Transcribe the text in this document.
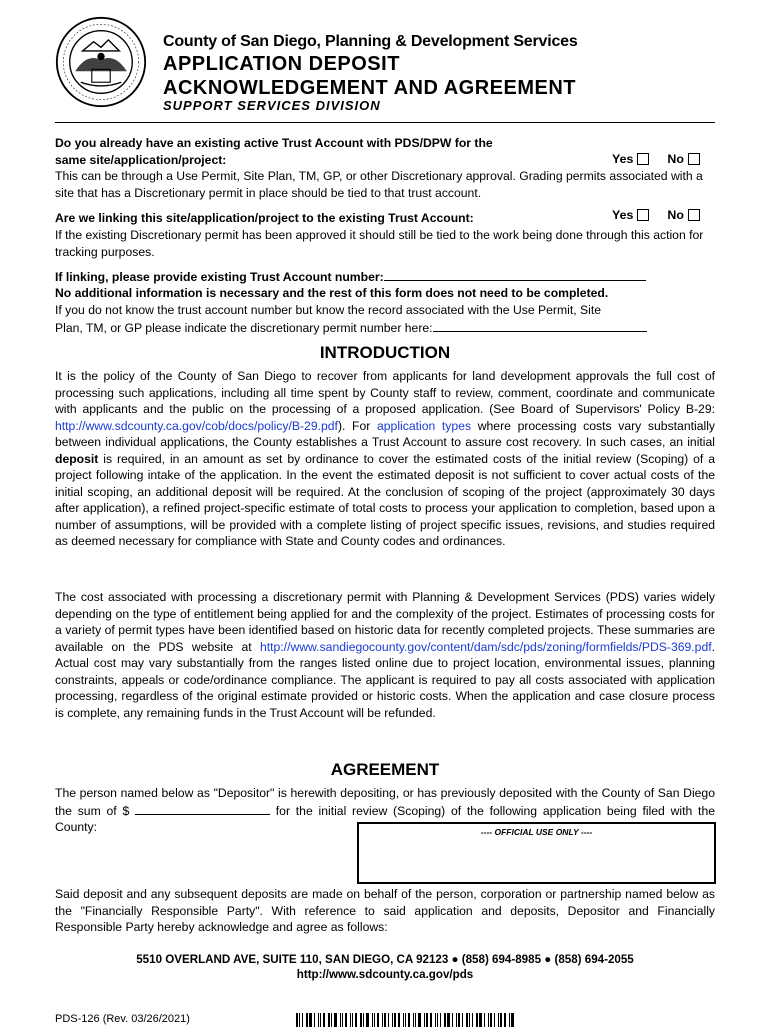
County of San Diego, Planning & Development Services
APPLICATION DEPOSIT
ACKNOWLEDGEMENT AND AGREEMENT
SUPPORT SERVICES DIVISION
Do you already have an existing active Trust Account with PDS/DPW for the
same site/application/project:	Yes	No
This can be through a Use Permit, Site Plan, TM, GP, or other Discretionary approval. Grading permits associated with a site that has a Discretionary permit in place should be tied to that trust account.
Are we linking this site/application/project to the existing Trust Account:	Yes	No
If the existing Discretionary permit has been approved it should still be tied to the work being done through this action for tracking purposes.
If linking, please provide existing Trust Account number:
No additional information is necessary and the rest of this form does not need to be completed.
If you do not know the trust account number but know the record associated with the Use Permit, Site
Plan, TM, or GP please indicate the discretionary permit number here:
INTRODUCTION
It is the policy of the County of San Diego to recover from applicants for land development approvals the full cost of processing such applications, including all time spent by County staff to review, comment, coordinate and communicate with applicants and the public on the processing of a proposed application. (See Board of Supervisors' Policy B-29: http://www.sdcounty.ca.gov/cob/docs/policy/B-29.pdf). For application types where processing costs vary substantially between individual applications, the County establishes a Trust Account to assure cost recovery. In such cases, an initial deposit is required, in an amount as set by ordinance to cover the estimated costs of the initial review (Scoping) of a project following intake of the application. In the event the estimated deposit is not sufficient to cover actual costs of the initial scoping, an additional deposit will be required. At the conclusion of scoping of the project (approximately 30 days after application), a refined project-specific estimate of total costs to process your application to completion, based upon a number of assumptions, will be provided with a complete listing of project specific issues, revisions, and studies required as deemed necessary for compliance with State and County codes and ordinances.
The cost associated with processing a discretionary permit with Planning & Development Services (PDS) varies widely depending on the type of entitlement being applied for and the complexity of the project. Estimates of processing costs for a variety of permit types have been identified based on historic data for recently completed projects. These summaries are available on the PDS website at http://www.sandiegocounty.gov/content/dam/sdc/pds/zoning/formfields/PDS-369.pdf. Actual cost may vary substantially from the ranges listed online due to project location, environmental issues, planning constraints, appeals or code/ordinance compliance. The applicant is required to pay all costs associated with application processing, regardless of the original estimate provided or historic costs. When the application and case closure process is complete, any remaining funds in the Trust Account will be refunded.
AGREEMENT
The person named below as "Depositor" is herewith depositing, or has previously deposited with the County of San Diego the sum of $	for the initial review (Scoping) of the following application being filed with the County:	---- OFFICIAL USE ONLY ----
Said deposit and any subsequent deposits are made on behalf of the person, corporation or partnership named below as the "Financially Responsible Party". With reference to said application and deposits, Depositor and Financially Responsible Party hereby acknowledge and agree as follows:
5510 OVERLAND AVE, SUITE 110, SAN DIEGO, CA 92123 ● (858) 694-8985 ● (858) 694-2055
http://www.sdcounty.ca.gov/pds
PDS-126 (Rev. 03/26/2021)
